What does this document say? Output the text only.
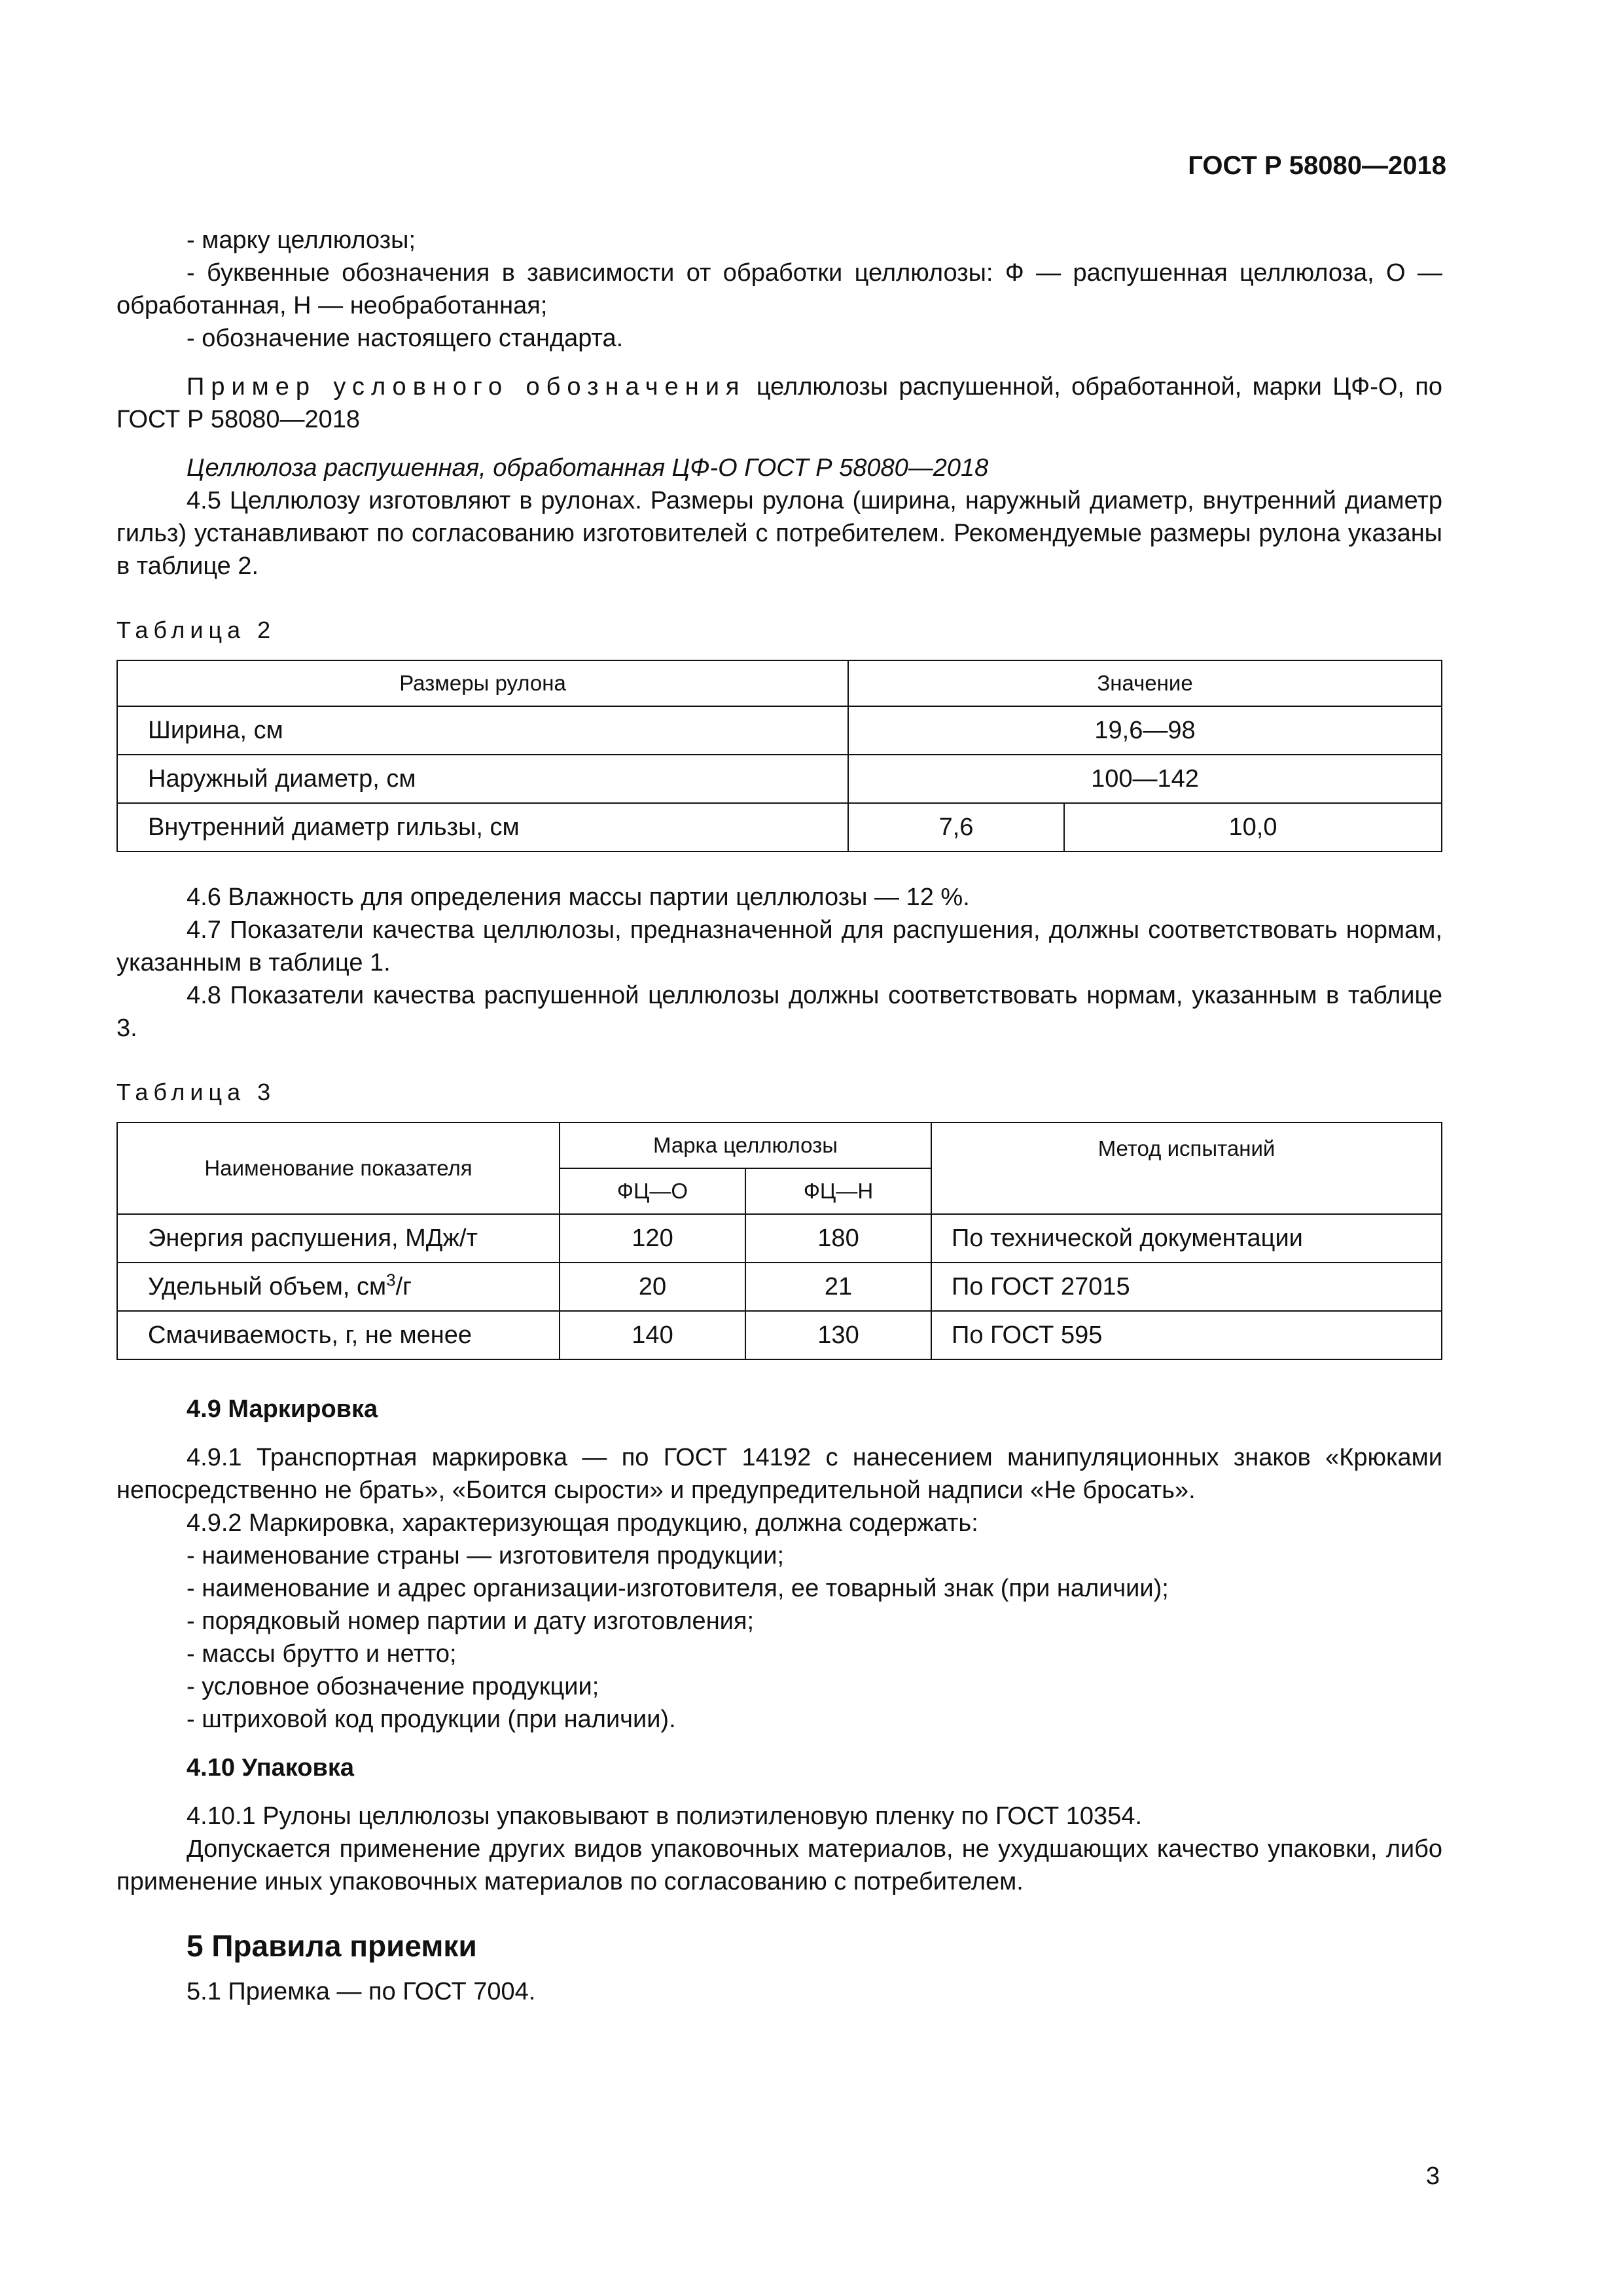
ГОСТ Р 58080—2018

- марку целлюлозы;

- буквенные обозначения в зависимости от обработки целлюлозы: Ф — распушенная целлюлоза, О — обработанная, Н — необработанная;

- обозначение настоящего стандарта.

Пример условного обозначения целлюлозы распушенной, обработанной, марки ЦФ-О, по ГОСТ Р 58080—2018

Целлюлоза распушенная, обработанная ЦФ-О ГОСТ Р 58080—2018

4.5 Целлюлозу изготовляют в рулонах. Размеры рулона (ширина, наружный диаметр, внутренний диаметр гильз) устанавливают по согласованию изготовителей с потребителем. Рекомендуемые размеры рулона указаны в таблице 2.

Таблица 2
Размеры рулона	Значение	
Ширина, см	19,6—98	
Наружный диаметр, см	100—142	
Внутренний диаметр гильзы, см	7,6	10,0

4.6 Влажность для определения массы партии целлюлозы — 12 %.

4.7 Показатели качества целлюлозы, предназначенной для распушения, должны соответствовать нормам, указанным в таблице 1.

4.8 Показатели качества распушенной целлюлозы должны соответствовать нормам, указанным в таблице 3.

Таблица 3
Наименование показателя	Марка целлюлозы		Метод испытаний
	ФЦ—О	ФЦ—Н	
Энергия распушения, МДж/т	120	180	По технической документации
Удельный объем, $см^3/г$	20	21	По ГОСТ 27015
Смачиваемость, г, не менее	140	130	По ГОСТ 595

4.9 Маркировка

4.9.1 Транспортная маркировка — по ГОСТ 14192 с нанесением манипуляционных знаков «Крюками непосредственно не брать», «Боится сырости» и предупредительной надписи «Не бросать».

4.9.2 Маркировка, характеризующая продукцию, должна содержать:

- наименование страны — изготовителя продукции;

- наименование и адрес организации-изготовителя, ее товарный знак (при наличии);

- порядковый номер партии и дату изготовления;

- массы брутто и нетто;

- условное обозначение продукции;

- штриховой код продукции (при наличии).

4.10 Упаковка

4.10.1 Рулоны целлюлозы упаковывают в полиэтиленовую пленку по ГОСТ 10354.

Допускается применение других видов упаковочных материалов, не ухудшающих качество упаковки, либо применение иных упаковочных материалов по согласованию с потребителем.

5 Правила приемки

5.1 Приемка — по ГОСТ 7004.

3
